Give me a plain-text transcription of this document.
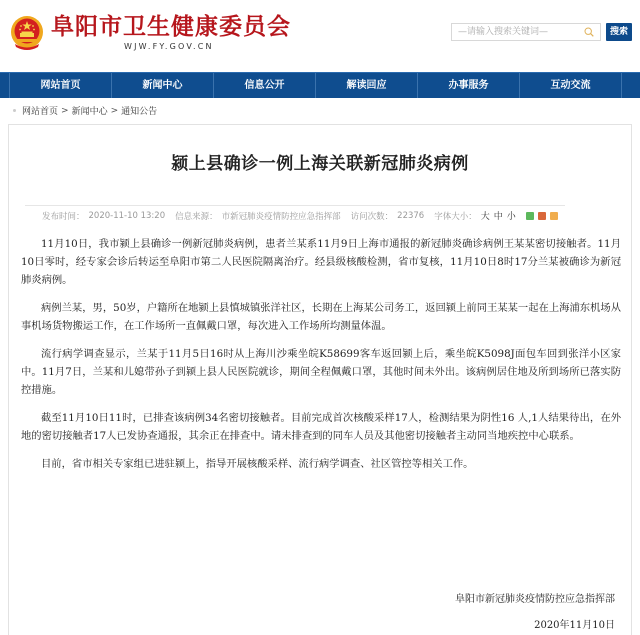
阜阳市卫生健康委员会
WJW.FY.GOV.CN
—请输入搜索关键词—
搜索
网站首页	新闻中心	信息公开	解读回应	办事服务	互动交流
网站首页 > 新闻中心 > 通知公告
颍上县确诊一例上海关联新冠肺炎病例
发布时间： 2020-11-10 13:20 信息来源： 市新冠肺炎疫情防控应急指挥部 访问次数： 22376 字体大小： 大 中 小

11月10日，我市颍上县确诊一例新冠肺炎病例，患者兰某系11月9日上海市通报的新冠肺炎确诊病例王某某密切接触者。11月10日零时，经专家会诊后转运至阜阳市第二人民医院隔离治疗。经县级核酸检测，省市复核，11月10日8时17分兰某被确诊为新冠肺炎病例。

病例兰某，男，50岁，户籍所在地颍上县慎城镇张洋社区，长期在上海某公司务工，返回颍上前同王某某一起在上海浦东机场从事机场货物搬运工作，在工作场所一直佩戴口罩，每次进入工作场所均测量体温。

流行病学调查显示，兰某于11月5日16时从上海川沙乘坐皖K58699客车返回颍上后，乘坐皖K5098J面包车回到张洋小区家中。11月7日，兰某和儿媳带孙子到颍上县人民医院就诊，期间全程佩戴口罩，其他时间未外出。该病例居住地及所到场所已落实防控措施。

截至11月10日11时，已排查该病例34名密切接触者。目前完成首次核酸采样17人，检测结果为阴性16 人,1人结果待出，在外地的密切接触者17人已发协查通报，其余正在排查中。请未排查到的同车人员及其他密切接触者主动同当地疾控中心联系。

目前，省市相关专家组已进驻颍上，指导开展核酸采样、流行病学调查、社区管控等相关工作。

阜阳市新冠肺炎疫情防控应急指挥部
2020年11月10日
